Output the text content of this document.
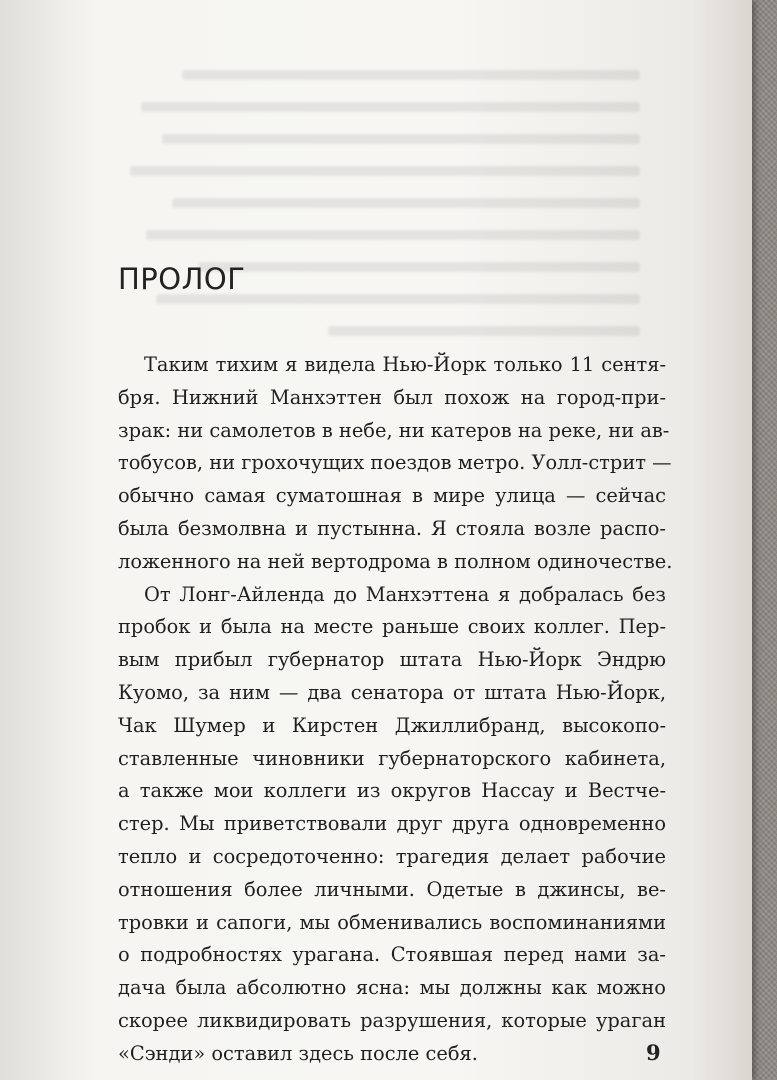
ПРОЛОГ
Таким тихим я видела Нью-Йорк только 11 сентя-
бря. Нижний Манхэттен был похож на город-при-
зрак: ни самолетов в небе, ни катеров на реке, ни ав-
тобусов, ни грохочущих поездов метро. Уолл-стрит —
обычно самая суматошная в мире улица — сейчас
была безмолвна и пустынна. Я стояла возле распо-
ложенного на ней вертодрома в полном одиночестве.
От Лонг-Айленда до Манхэттена я добралась без
пробок и была на месте раньше своих коллег. Пер-
вым прибыл губернатор штата Нью-Йорк Эндрю
Куомо, за ним — два сенатора от штата Нью-Йорк,
Чак Шумер и Кирстен Джиллибранд, высокопо-
ставленные чиновники губернаторского кабинета,
а также мои коллеги из округов Нассау и Вестче-
стер. Мы приветствовали друг друга одновременно
тепло и сосредоточенно: трагедия делает рабочие
отношения более личными. Одетые в джинсы, ве-
тровки и сапоги, мы обменивались воспоминаниями
о подробностях урагана. Стоявшая перед нами за-
дача была абсолютно ясна: мы должны как можно
скорее ликвидировать разрушения, которые ураган
«Сэнди» оставил здесь после себя.	9
